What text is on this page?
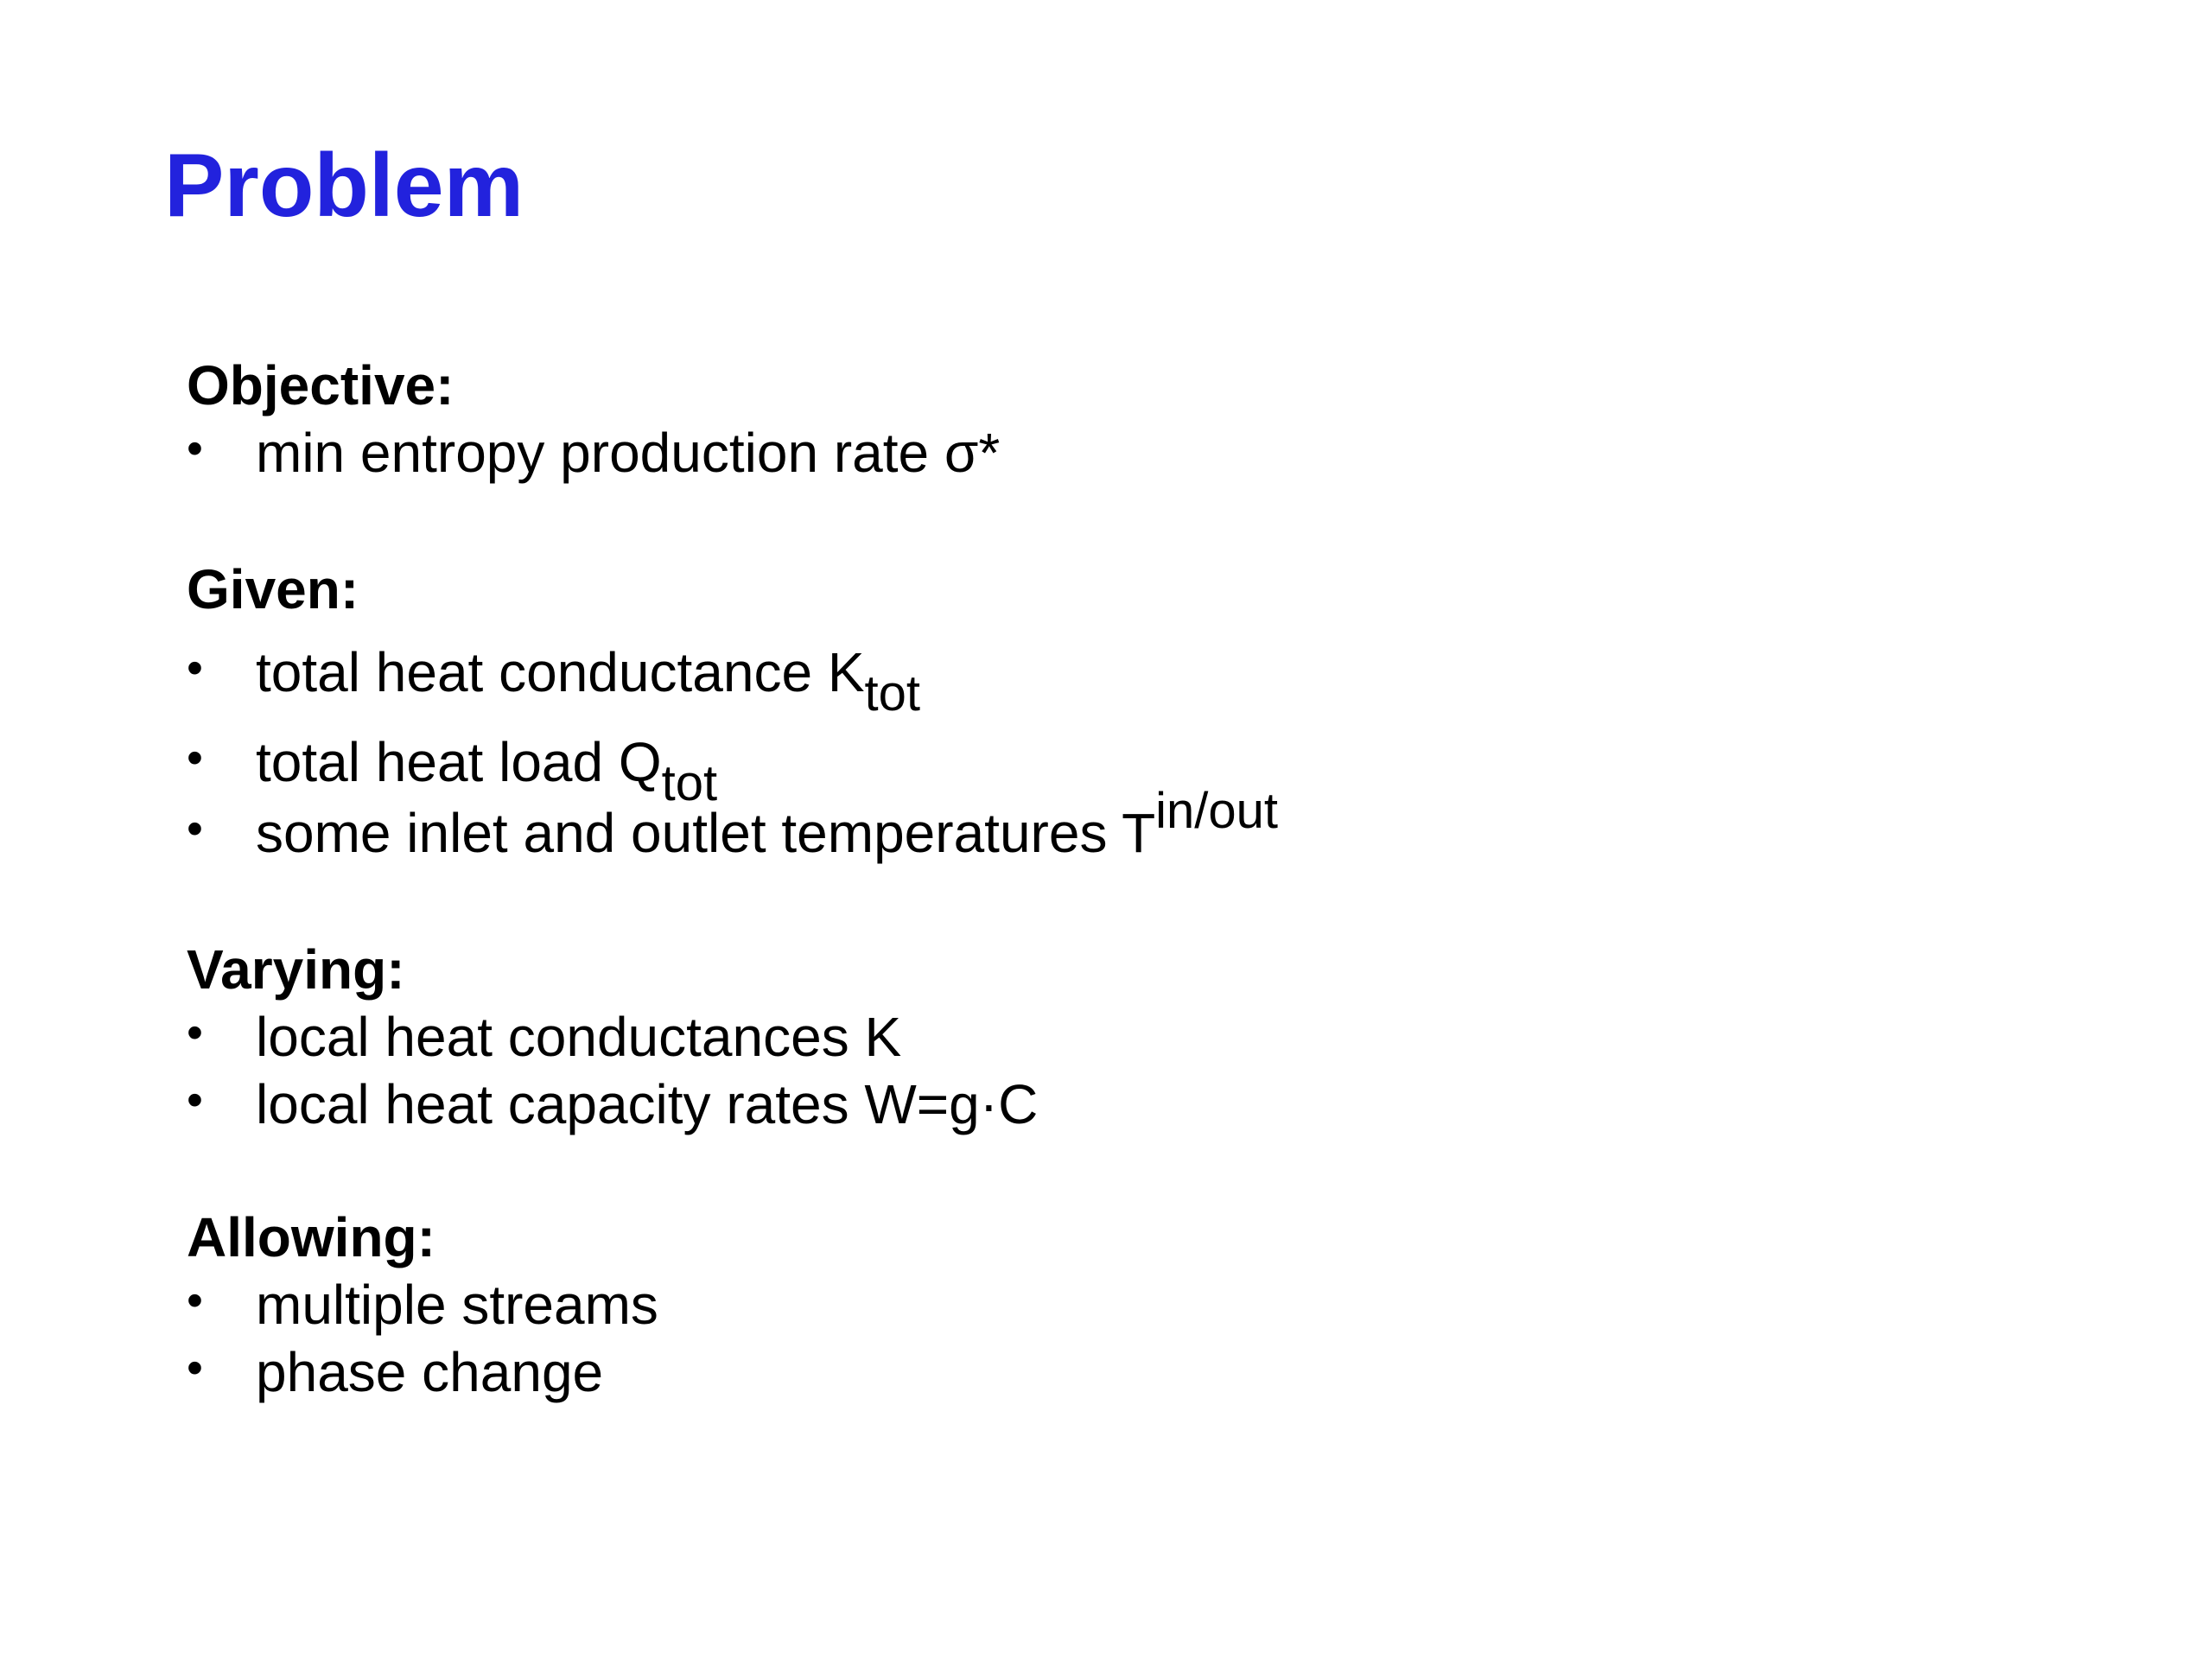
Problem
Objective:
• min entropy production rate σ*
Given:
• total heat conductance Ktot
• total heat load Qtot
• some inlet and outlet temperatures Tin/out
Varying:
• local heat conductances K
• local heat capacity rates W=g·C
Allowing:
• multiple streams
• phase change
